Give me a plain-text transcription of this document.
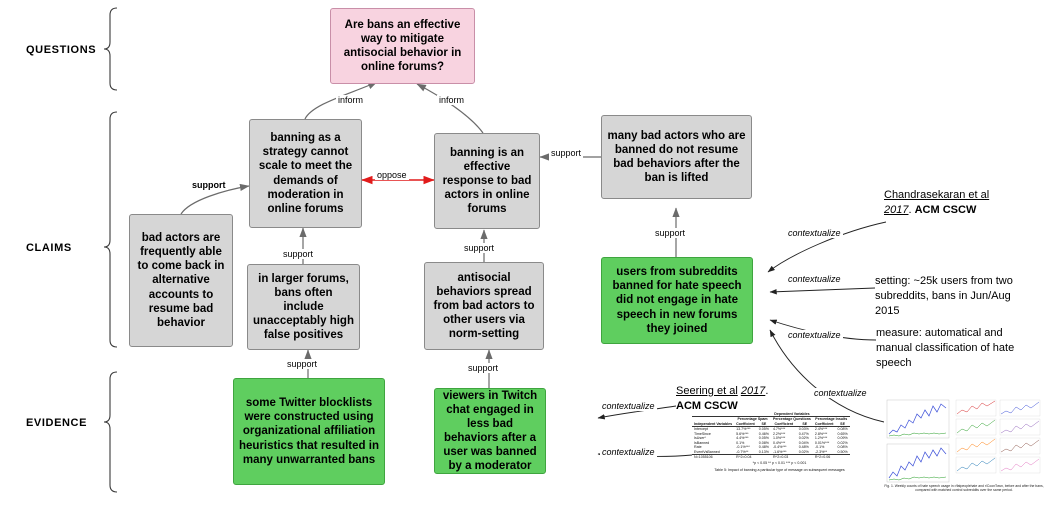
QUESTIONS
CLAIMS
EVIDENCE
Are bans an effective way to mitigate antisocial behavior in online forums?
banning as a strategy cannot scale to meet the demands of moderation in online forums
banning is an effective response to bad actors in online forums
many bad actors who are banned do not resume bad behaviors after the ban is lifted
bad actors are frequently able to come back in alternative accounts to resume bad behavior
in larger forums, bans often include unacceptably high false positives
antisocial behaviors spread from bad actors to other users via norm-setting
users from subreddits banned for hate speech did not engage in hate speech in new forums they joined
some Twitter blocklists were constructed using organizational affiliation heuristics that resulted in many unwarranted bans
viewers in Twitch chat engaged in less bad behaviors after a user was banned by a moderator
inform	inform
oppose
support
support
support
support
support
support	support
contextualize
contextualize
contextualize
contextualize
contextualize
contextualize
Chandrasekaran et al 2017. ACM CSCW
Seering et al 2017. ACM CSCW
setting: ~25k users from two subreddits, bans in Jun/Aug 2015
measure: automatical and manual classification of hate speech
	Dependent Variables					
	Percentage Spam		Percentage Questions		Percentage Insults	
Independent Variables	Coefficient	SE	Coefficient	SE	Coefficient	SE
Intercept	13.7%***	0.05%	4.7%***	0.03%	2.4%***	0.08%
TimeSince	5.6%***	0.46%	2.2%***	0.47%	2.8%***	0.65%
IsUser*	4.4%***	0.05%	1.0%***	0.02%	1.2%***	0.09%
IsBanned	0.1%	0.08%	0.4%***	0.04%	0.01%***	0.02%
Rate	-0.1%***	0.48%	-0.4%***	0.48%	-0.1%	0.08%
EventVsBanned	-0.7%**	0.13%	-1.6%***	0.02%	-2.3%**	0.50%
N=1055106	R^2=0.04		R^2=0.03		R^2=0.06	
*p < 0.05 ** p < 0.01 *** p < 0.001
Table 5: Impact of banning a particular type of message on subsequent messages
Fig. 1. Weekly counts of hate speech usage in r/fatpeoplehate and r/CoonTown, before and after the bans, compared with matched control subreddits over the same period.
